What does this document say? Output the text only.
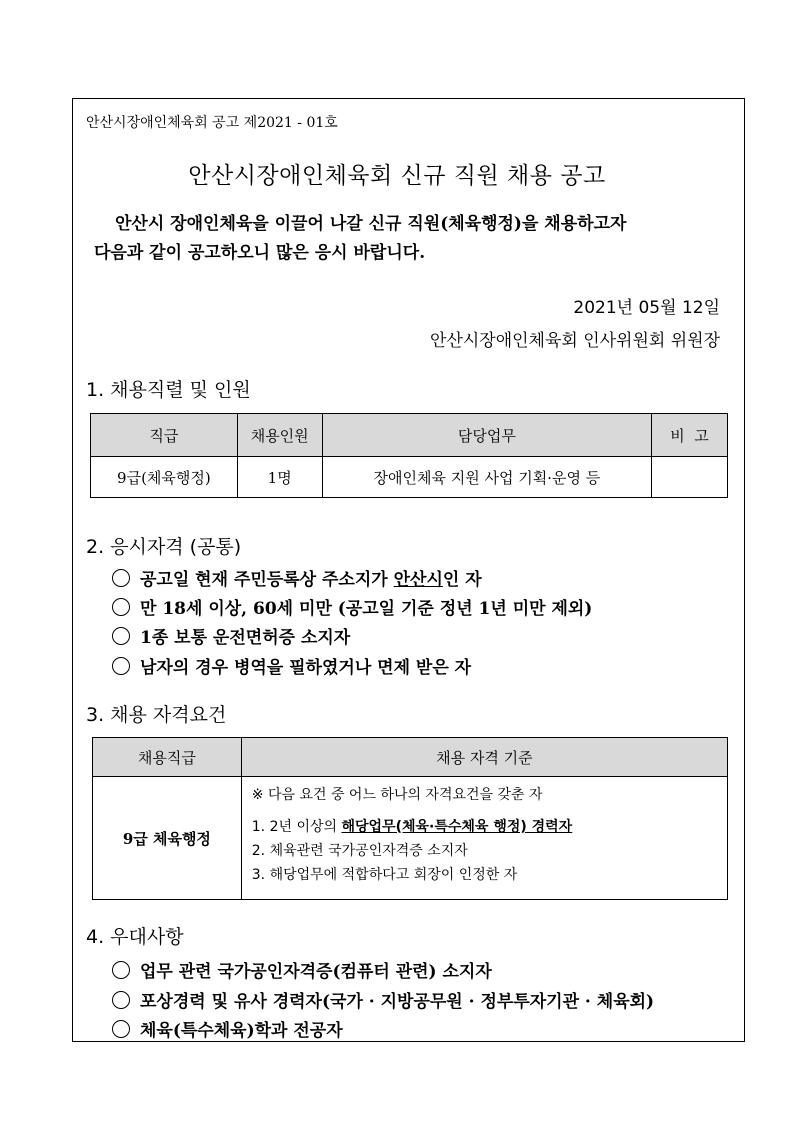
안산시장애인체육회 공고 제2021 - 01호
안산시장애인체육회 신규 직원 채용 공고
안산시 장애인체육을 이끌어 나갈 신규 직원(체육행정)을 채용하고자
다음과 같이 공고하오니 많은 응시 바랍니다.
2021년 05월 12일
안산시장애인체육회 인사위원회 위원장
1. 채용직렬 및 인원
직급	채용인원	담당업무	비  고
9급(체육행정)	1명	장애인체육 지원 사업 기획·운영 등	
2. 응시자격 (공통)
공고일 현재 주민등록상 주소지가 안산시인 자
만 18세 이상, 60세 미만 (공고일 기준 정년 1년 미만 제외)
1종 보통 운전면허증 소지자
남자의 경우 병역을 필하였거나 면제 받은 자
3. 채용 자격요건
채용직급	채용 자격 기준
9급 체육행정	※ 다음 요건 중 어느 하나의 자격요건을 갖춘 자
1. 2년 이상의 해당업무(체육·특수체육 행정) 경력자
2. 체육관련 국가공인자격증 소지자
3. 해당업무에 적합하다고 회장이 인정한 자
4. 우대사항
업무 관련 국가공인자격증(컴퓨터 관련) 소지자
포상경력 및 유사 경력자(국가 · 지방공무원 · 정부투자기관 · 체육회)
체육(특수체육)학과 전공자
